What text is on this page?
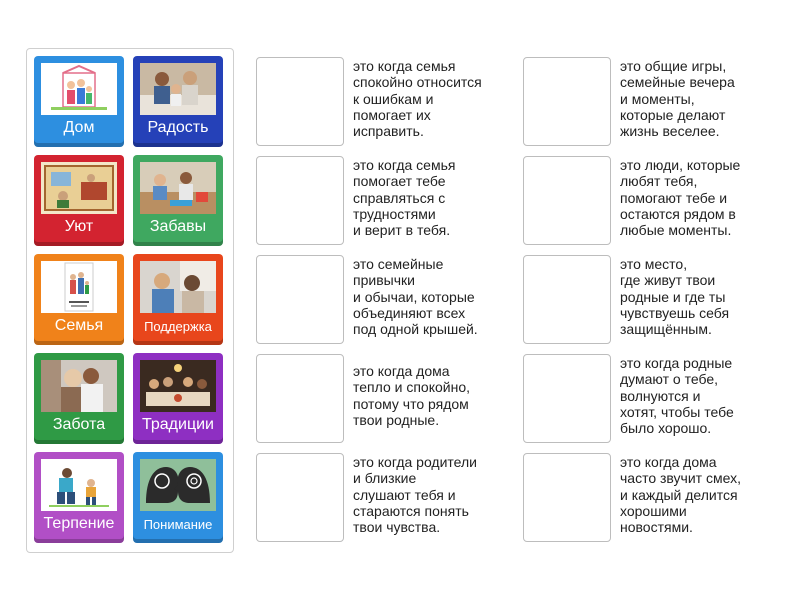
Дом	Радость
Уют	Забавы
Семья	Поддержка
Забота	Традиции
Терпение	Понимание
это когда семья
спокойно относится
к ошибкам и
помогает их
исправить.
это когда семья
помогает тебе
справляться с
трудностями
и верит в тебя.
это семейные
привычки
и обычаи, которые
объединяют всех
под одной крышей.
это когда дома
тепло и спокойно,
потому что рядом
твои родные.
это когда родители
и близкие
слушают тебя и
стараются понять
твои чувства.
это общие игры,
семейные вечера
и моменты,
которые делают
жизнь веселее.
это люди, которые
любят тебя,
помогают тебе и
остаются рядом в
любые моменты.
это место,
где живут твои
родные и где ты
чувствуешь себя
защищённым.
это когда родные
думают о тебе,
волнуются и
хотят, чтобы тебе
было хорошо.
это когда дома
часто звучит смех,
и каждый делится
хорошими
новостями.
